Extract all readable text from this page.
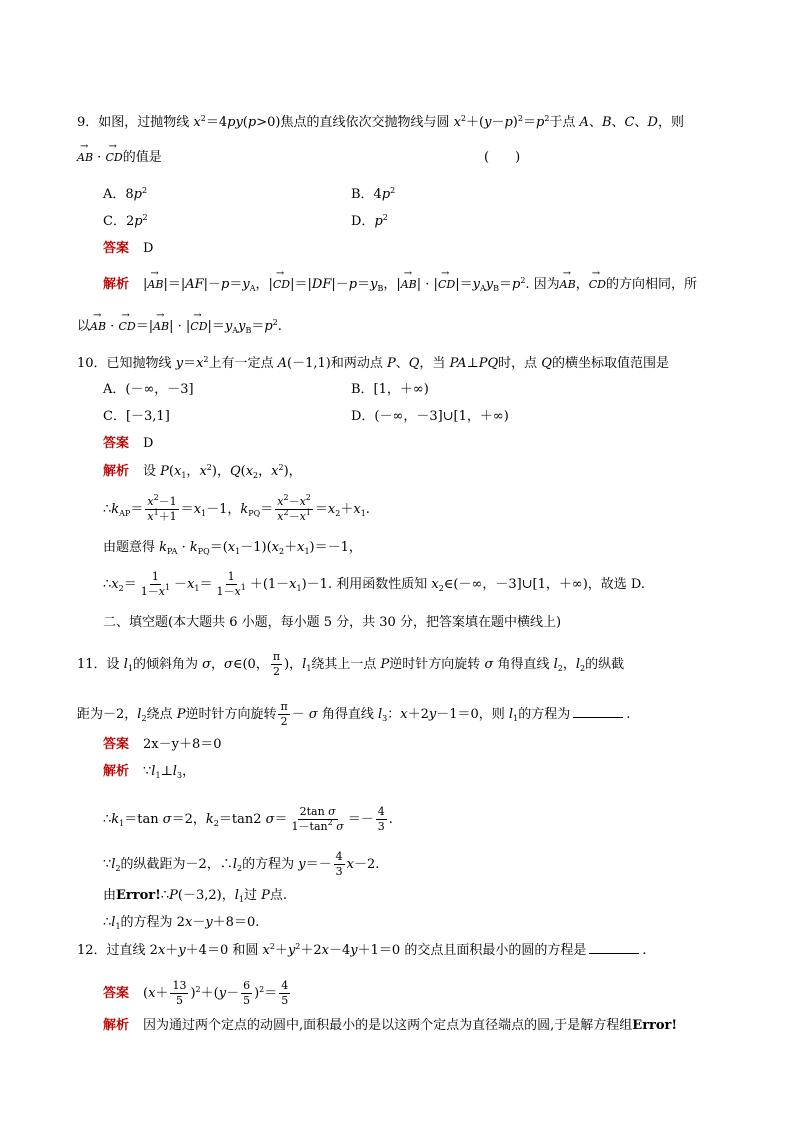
9．如图，过抛物线 $x^2=4py(p>0)$焦点的直线依次交抛物线与圆 $x^2+(y-p)^2=p^2$于点 A、B、C、D，则
→ AB · → CD的值是	(　　)
A．$8p^2$	B．$4p^2$
C．$2p^2$	D．$p^2$
答案 D
解析 |→ $AB|=|AF|-p=y_A$，|→ $CD|=|DF|-p=y_B$，|→ AB| · |→ $CD|=y_Ay_B=p^2$. 因为→ AB，→ CD的方向相同，所
以→ AB · → CD＝|→ AB| · |→ $CD|=y_Ay_B=p^2$.
10．已知抛物线 $y=x^2$上有一定点 A(－1,1)和两动点 P、Q，当 PA⊥PQ时，点 Q的横坐标取值范围是
A．(－∞，－3]	B．[1，＋∞)
C．[－3,1]	D．(－∞，－3]∪[1，＋∞)
答案 D
解析 设 $P(x_1$，$x^2$)，$Q(x_2$，$x^2$)，
$\therefore k_{AP}= \frac{x^2-1}{x^1+1} =x_1-1$，$k_{PQ}= \frac{x^2-x^2}{x^2-x^1} =x_2+x_1$.
由题意得 $k_{PA} \cdot k_{PQ}=(x_1-1)(x_2+x_1)=-1$，
$\therefore x_2= \frac{1}{1-x^1} -x_1= \frac{1}{1-x^1} +(1-x_1)-1$. 利用函数性质知 $x_2\in(-\infty$，－3]∪[1，＋∞)，故选 D.
二、填空题(本大题共 6 小题，每小题 5 分，共 30 分，把答案填在题中横线上)
11．设 $l_1$的倾斜角为 σ，σ∈(0， $\frac{\pi}{2}$ )，$l_1$绕其上一点 P逆时针方向旋转 σ 角得直线 $l_2$，$l_2$的纵截
距为－2，$l_2$绕点 P逆时针方向旋转 $\frac{\pi}{2} - \sigma$ 角得直线 $l_3$：x＋2y－1＝0，则 $l_1$的方程为	.
答案 2x－y＋8＝0
解析 $\because l_1\perp l_3$，
$\therefore k_1=\tan$ σ＝2，$k_2=\tan 2$ $\sigma= \frac{\text{2tan σ}}{1-\tan^2 \sigma} =- \frac{4}{3}$ .
$\because l_2$的纵截距为－2，$\therefore l_2$的方程为 $y=- \frac{4}{3} x-2$.
由Error!∴P(－3,2)，$l_1$过 P点.
$\therefore l_1$的方程为 2x－y＋8＝0.
12．过直线 2x＋y＋4＝0 和圆 $x^2+y^2+2x-4y+1=0$ 的交点且面积最小的圆的方程是	.
答案 $(x+ \frac{13}{5} )^2+(y- \frac{6}{5} )^2= \frac{4}{5}$
解析 因为通过两个定点的动圆中,面积最小的是以这两个定点为直径端点的圆,于是解方程组Error!
